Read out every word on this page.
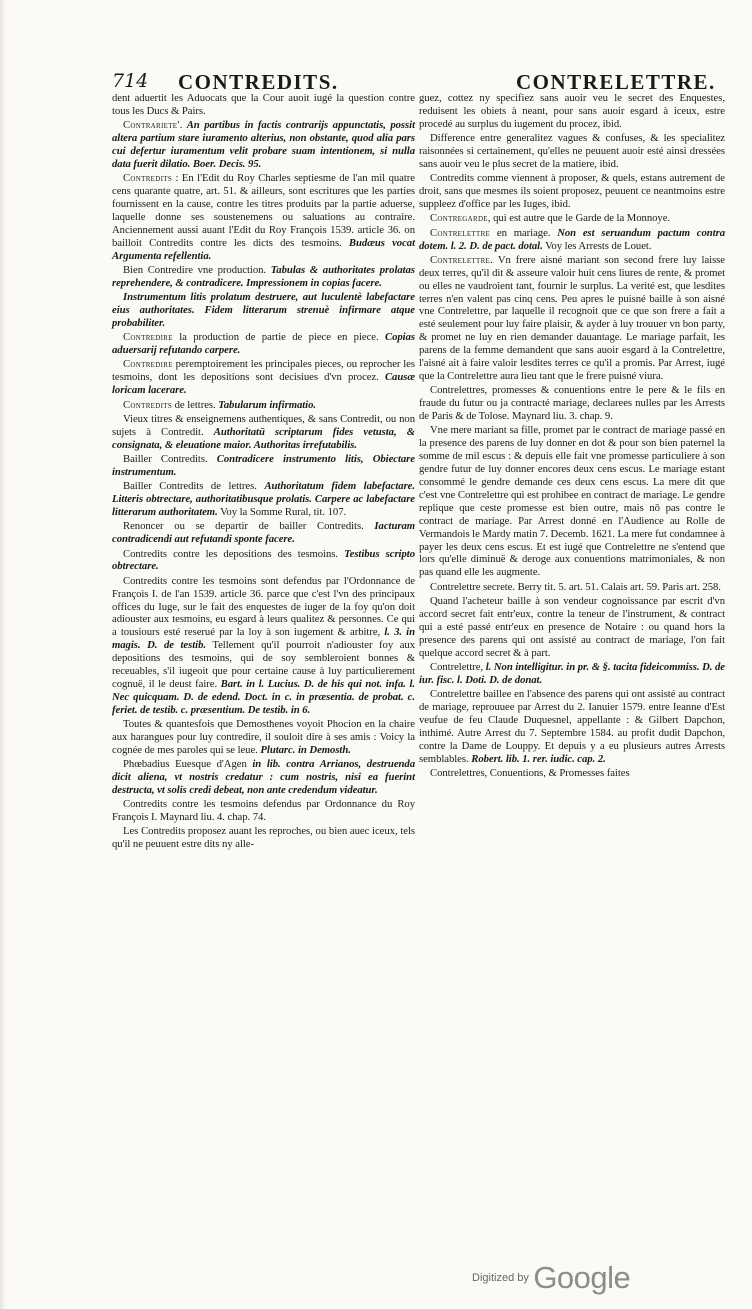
714 CONTREDITS.	CONTRELETTRE.

dent aduertit les Aduocats que la Cour auoit iugé la question contre tous les Ducs & Pairs.

Contrariete'. An partibus in factis contrarijs appunctatis, possit altera partium stare iuramento alterius, non obstante, quod alia pars cui defertur iuramentum velit probare suam intentionem, si nulla data fuerit dilatio. Boer. Decis. 95.

Contredits : En l'Edit du Roy Charles septiesme de l'an mil quatre cens quarante quatre, art. 51. & ailleurs, sont escritures que les parties fournissent en la cause, contre les titres produits par la partie aduerse, laquelle donne ses soustenemens ou saluations au contraire. Anciennement aussi auant l'Edit du Roy François 1539. article 36. on bailloit Contredits contre les dicts des tesmoins. Budæus vocat Argumenta refellentia.

Bien Contredire vne production. Tabulas & authoritates prolatas reprehendere, & contradicere. Impressionem in copias facere.

Instrumentum litis prolatum destruere, aut luculentè labefactare eius authoritates. Fidem litterarum strenuè infirmare atque probabiliter.

Contredire la production de partie de piece en piece. Copias aduersarij refutando carpere.

Contredire peremptoirement les principales pieces, ou reprocher les tesmoins, dont les depositions sont decisiues d'vn procez. Causæ loricam lacerare.

Contredits de lettres. Tabularum infirmatio.

Vieux titres & enseignemens authentiques, & sans Contredit, ou non sujets à Contredit. Authoritatū scriptarum fides vetusta, & consignata, & eleuatione maior. Authoritas irrefutabilis.

Bailler Contredits. Contradicere instrumento litis, Obiectare instrumentum.

Bailler Contredits de lettres. Authoritatum fidem labefactare. Litteris obtrectare, authoritatibusque prolatis. Carpere ac labefactare litterarum authoritatem. Voy la Somme Rural, tit. 107.

Renoncer ou se departir de bailler Contredits. Iacturam contradicendi aut refutandi sponte facere.

Contredits contre les depositions des tesmoins. Testibus scripto obtrectare.

Contredits contre les tesmoins sont defendus par l'Ordonnance de François I. de l'an 1539. article 36. parce que c'est l'vn des principaux offices du Iuge, sur le fait des enquestes de iuger de la foy qu'on doit adiouster aux tesmoins, eu esgard à leurs qualitez & personnes. Ce qui a tousiours esté reserué par la loy à son iugement & arbitre, l. 3. in magis. D. de testib. Tellement qu'il pourroit n'adiouster foy aux depositions des tesmoins, qui de soy sembleroient bonnes & receuables, s'il iugeoit que pour certaine cause à luy particulierement cognuë, il le deust faire. Bart. in l. Lucius. D. de his qui not. infa. l. Nec quicquam. D. de edend. Doct. in c. in præsentia. de probat. c. feriet. de testib. c. præsentium. De testib. in 6.

Toutes & quantesfois que Demosthenes voyoit Phocion en la chaire aux harangues pour luy contredire, il souloit dire à ses amis : Voicy la cognée de mes paroles qui se leue. Plutarc. in Demosth.

Phœbadius Euesque d'Agen in lib. contra Arrianos, destruenda dicit aliena, vt nostris credatur : cum nostris, nisi ea fuerint destructa, vt solis credi debeat, non ante credendum videatur.

Contredits contre les tesmoins defendus par Ordonnance du Roy François I. Maynard liu. 4. chap. 74.

Les Contredits proposez auant les reproches, ou bien auec iceux, tels qu'il ne peuuent estre dits ny alle-

guez, cottez ny specifiez sans auoir veu le secret des Enquestes, reduisent les obiets à neant, pour sans auoir esgard à iceux, estre procedé au surplus du iugement du procez, ibid.

Difference entre generalitez vagues & confuses, & les specialitez raisonnées si certainement, qu'elles ne peuuent auoir esté ainsi dressées sans auoir veu le plus secret de la matiere, ibid.

Contredits comme viennent à proposer, & quels, estans autrement de droit, sans que mesmes ils soient proposez, peuuent ce neantmoins estre suppleez d'office par les Iuges, ibid.

Contregarde, qui est autre que le Garde de la Monnoye.

Contrelettre en mariage. Non est seruandum pactum contra dotem. l. 2. D. de pact. dotal. Voy les Arrests de Louet.

Contrelettre. Vn frere aisné mariant son second frere luy laisse deux terres, qu'il dit & asseure valoir huit cens liures de rente, & promet ou elles ne vaudroient tant, fournir le surplus. La verité est, que lesdites terres n'en valent pas cinq cens. Peu apres le puisné baille à son aisné vne Contrelettre, par laquelle il recognoit que ce que son frere a fait a esté seulement pour luy faire plaisir, & ayder à luy trouuer vn bon party, & promet ne luy en rien demander dauantage. Le mariage parfait, les parens de la femme demandent que sans auoir esgard à la Contrelettre, l'aisné ait à faire valoir lesdites terres ce qu'il a promis. Par Arrest, iugé que la Contrelettre aura lieu tant que le frere puisné viura.

Contrelettres, promesses & conuentions entre le pere & le fils en fraude du futur ou ja contracté mariage, declarees nulles par les Arrests de Paris & de Tolose. Maynard liu. 3. chap. 9.

Vne mere mariant sa fille, promet par le contract de mariage passé en la presence des parens de luy donner en dot & pour son bien paternel la somme de mil escus : & depuis elle fait vne promesse particuliere à son gendre futur de luy donner encores deux cens escus. Le mariage estant consommé le gendre demande ces deux cens escus. La mere dit que c'est vne Contrelettre qui est prohibee en contract de mariage. Le gendre replique que ceste promesse est bien outre, mais nō pas contre le contract de mariage. Par Arrest donné en l'Audience au Rolle de Vermandois le Mardy matin 7. Decemb. 1621. La mere fut condamnee à payer les deux cens escus. Et est iugé que Contrelettre ne s'entend que lors qu'elle diminuë & deroge aux conuentions matrimoniales, & non pas quand elle les augmente.

Contrelettre secrete. Berry tit. 5. art. 51. Calais art. 59. Paris art. 258.

Quand l'acheteur baille à son vendeur cognoissance par escrit d'vn accord secret fait entr'eux, contre la teneur de l'instrument, & contract qui a esté passé entr'eux en presence de Notaire : ou quand hors la presence des parens qui ont assisté au contract de mariage, l'on fait quelque accord secret & à part.

Contrelettre, l. Non intelligitur. in pr. & §. tacita fideicommiss. D. de iur. fisc. l. Doti. D. de donat.

Contrelettre baillee en l'absence des parens qui ont assisté au contract de mariage, reprouuee par Arrest du 2. Ianuier 1579. entre Ieanne d'Est veufue de feu Claude Duquesnel, appellante : & Gilbert Dapchon, inthimé. Autre Arrest du 7. Septembre 1584. au profit dudit Dapchon, contre la Dame de Louppy. Et depuis y a eu plusieurs autres Arrests semblables. Robert. lib. 1. rer. iudic. cap. 2.

Contrelettres, Conuentions, & Promesses faites

Digitized by Google
